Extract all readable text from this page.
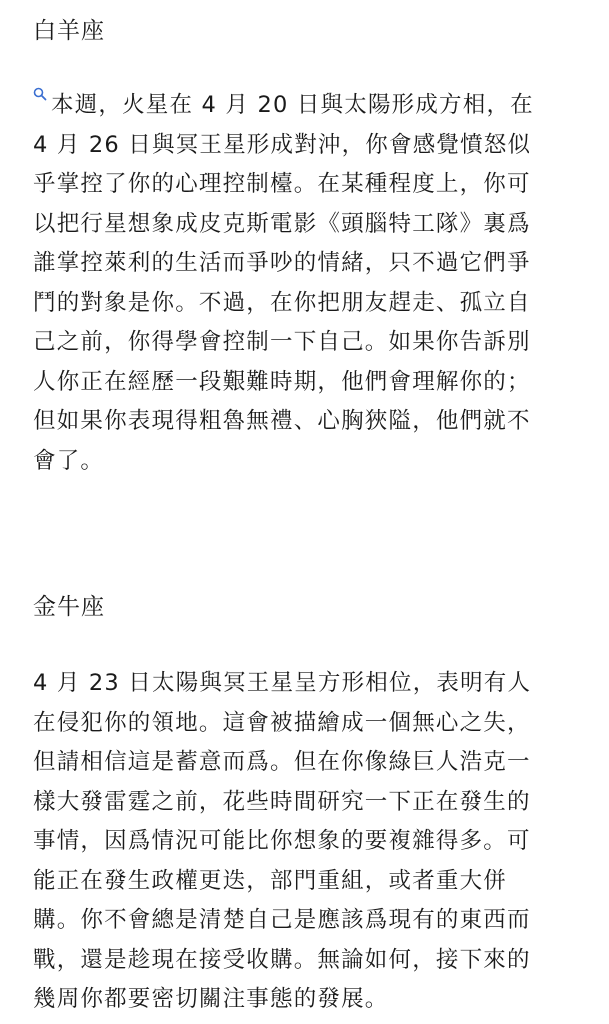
白羊座
本週，火星在 4 月 20 日與太陽形成方相，在
4 月 26 日與冥王星形成對沖，你會感覺憤怒似
乎掌控了你的心理控制檯。在某種程度上，你可
以把行星想象成皮克斯電影《頭腦特工隊》裏爲
誰掌控萊利的生活而爭吵的情緒，只不過它們爭
鬥的對象是你。不過，在你把朋友趕走、孤立自
己之前，你得學會控制一下自己。如果你告訴別
人你正在經歷一段艱難時期，他們會理解你的；
但如果你表現得粗魯無禮、心胸狹隘，他們就不
會了。
金牛座
4 月 23 日太陽與冥王星呈方形相位，表明有人
在侵犯你的領地。這會被描繪成一個無心之失，
但請相信這是蓄意而爲。但在你像綠巨人浩克一
樣大發雷霆之前，花些時間研究一下正在發生的
事情，因爲情況可能比你想象的要複雜得多。可
能正在發生政權更迭，部門重組，或者重大併
購。你不會總是清楚自己是應該爲現有的東西而
戰，還是趁現在接受收購。無論如何，接下來的
幾周你都要密切關注事態的發展。
